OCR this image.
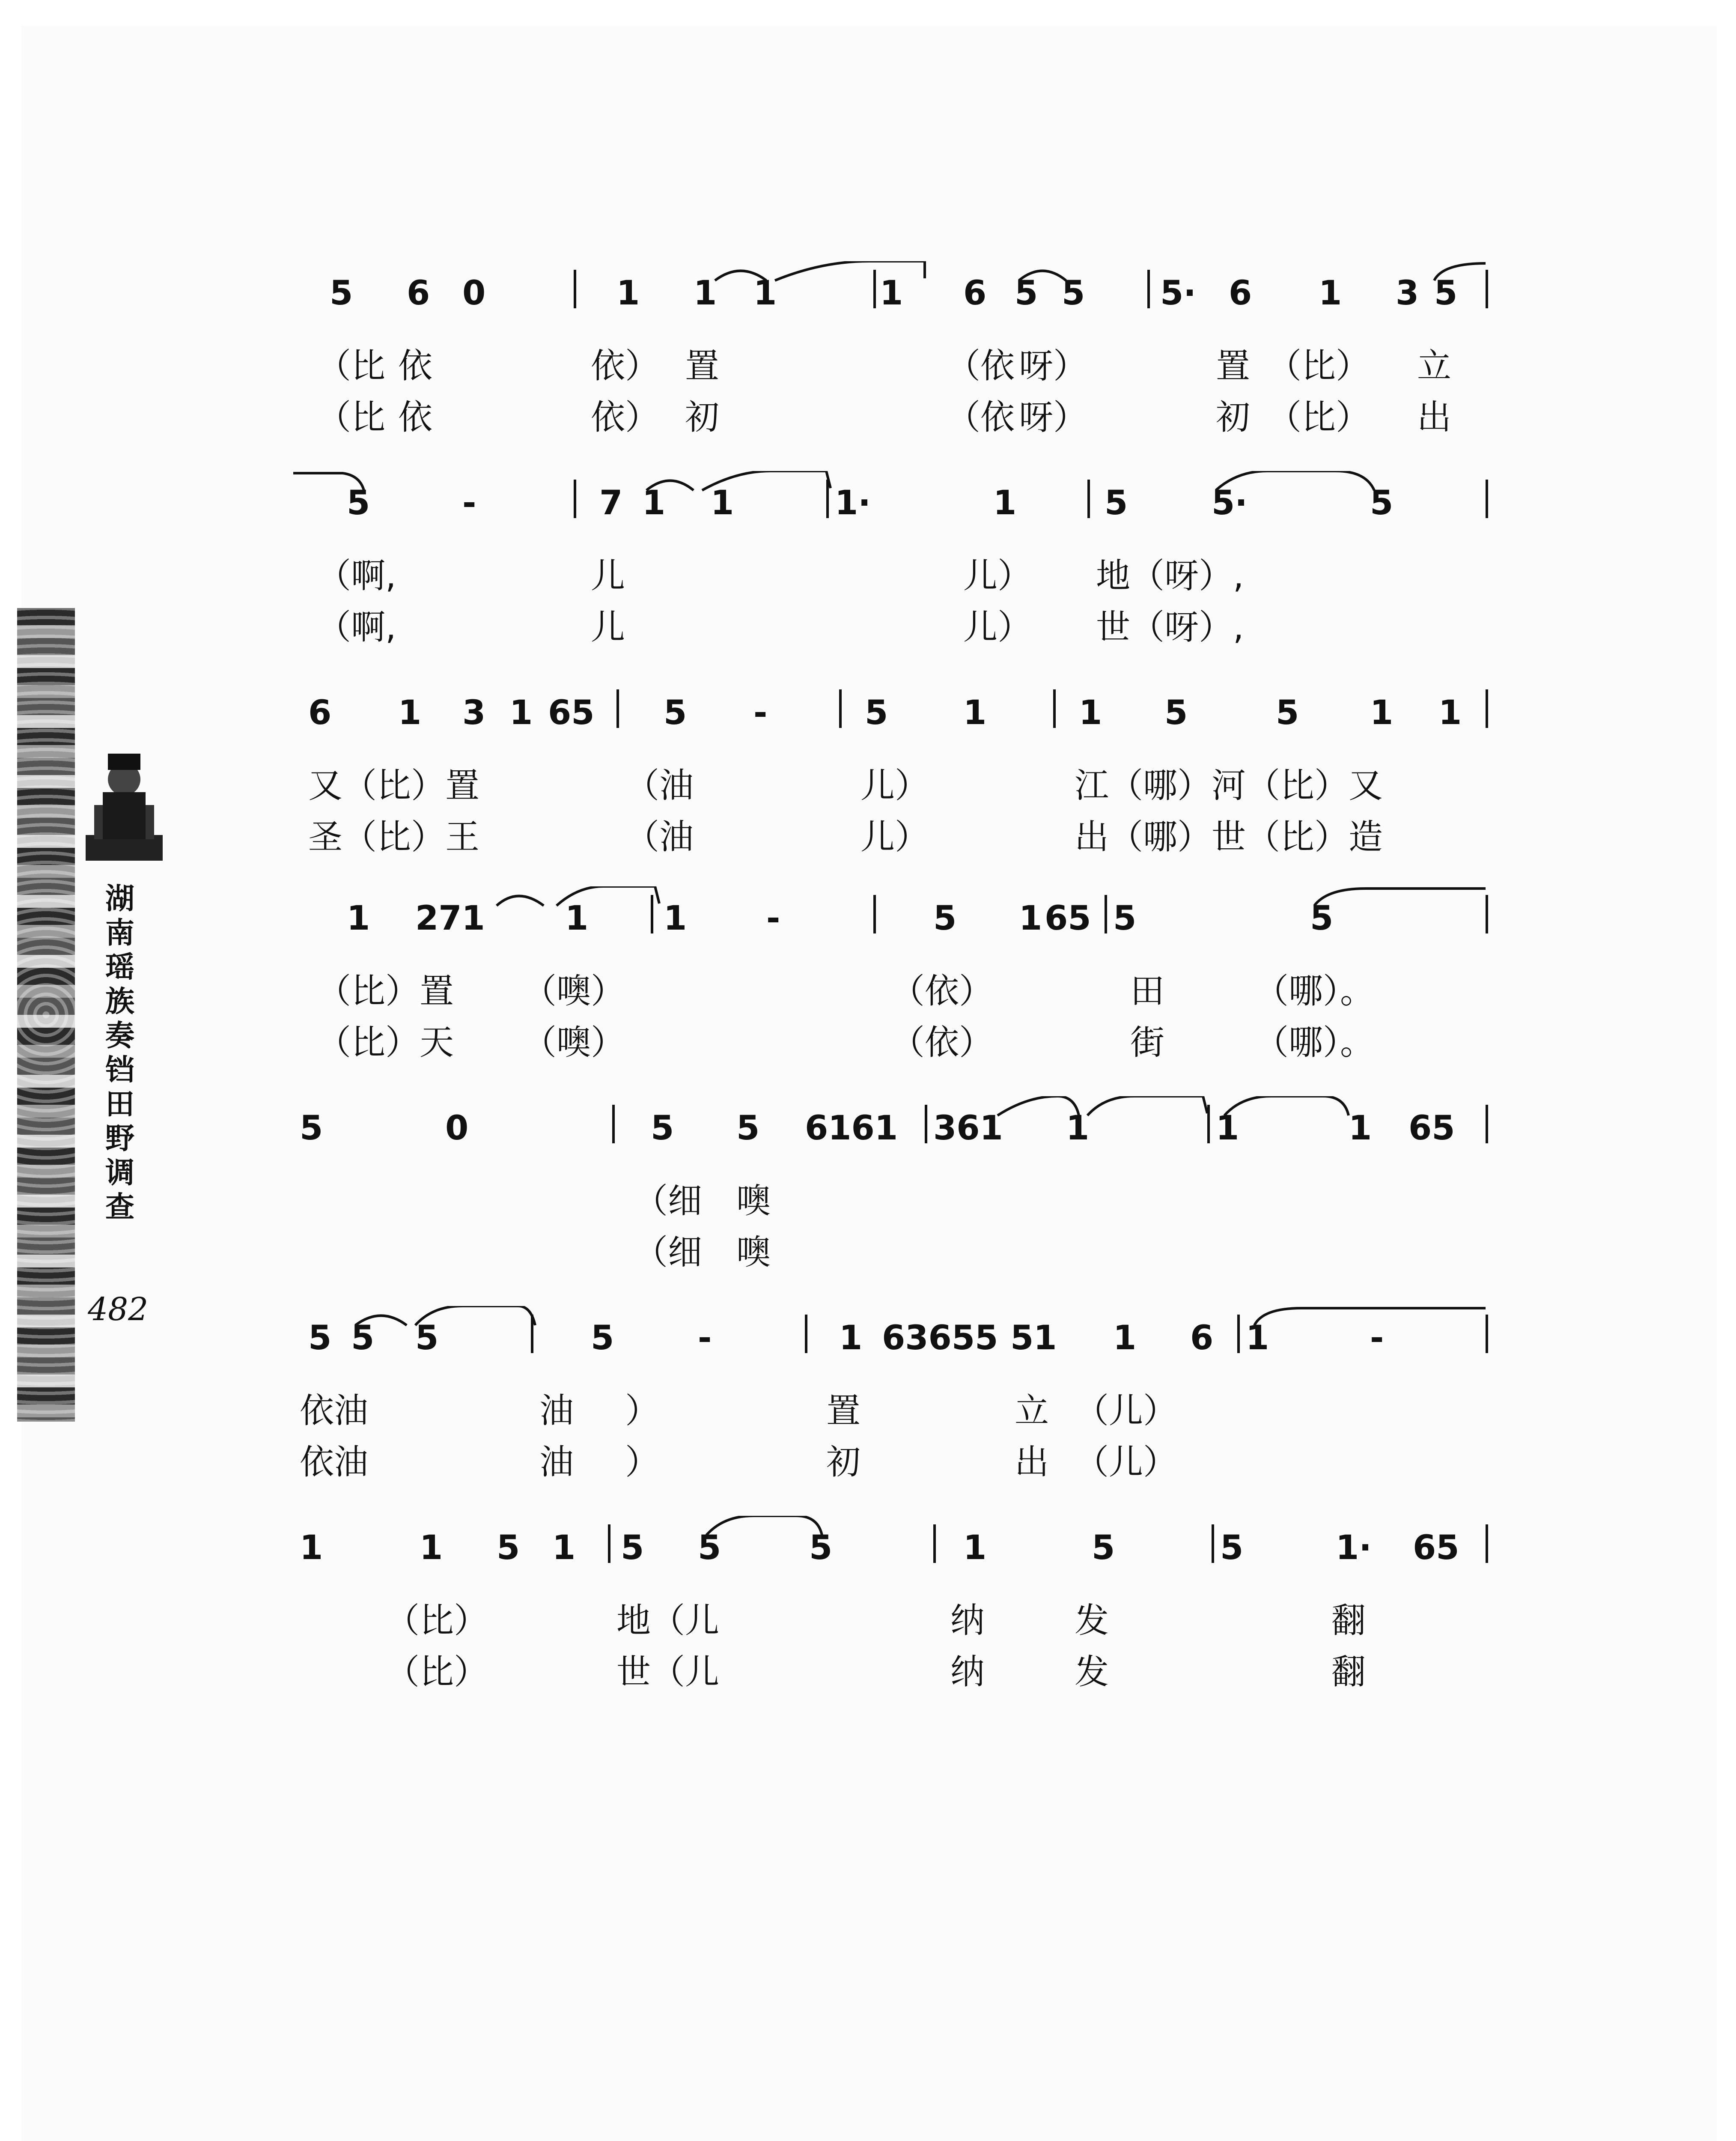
湖南瑶族奏铛田野调查
482
5 6 0	1 1 1	1 6 5 5 5· 6 1 3 5

（比

依

	依）

置

	（依

呀）

	置

（比）

立

（比

依

	依）

初

	（依

呀）

	初

（比）

出

5	-	7 1 1	1·	1	5	5·	5

（啊,

	儿

	儿）

地（呀）,

（啊,

	儿

	儿）

世（呀）,

6 1 3 1 65 5 -	5 1	1 5	5 1 1

又（比）置

	（油

	儿）

	江（哪）河（比）又

圣（比）王

	（油

	儿）

	出（哪）世（比）造

1 271 1 1 -	5 1 65 5	5

（比）置

（噢）

	（依）

	田

	（哪）。

（比）天

（噢）

	（依）

	街

	（哪）。

5	0	5 5 6161 361 1	1	1 65

（细

噢

（细

噢

5 5 5	5	-	1 63655 51 1 6 1	-

依油

	油

）

	置

	立

（儿）

依油

	油

）

	初

	出

（儿）

1	1 5 1 5 5	5	1	5	5	1· 65

（比）

	地（儿

	纳

	发

	翻

（比）

	世（儿

	纳

	发

	翻
